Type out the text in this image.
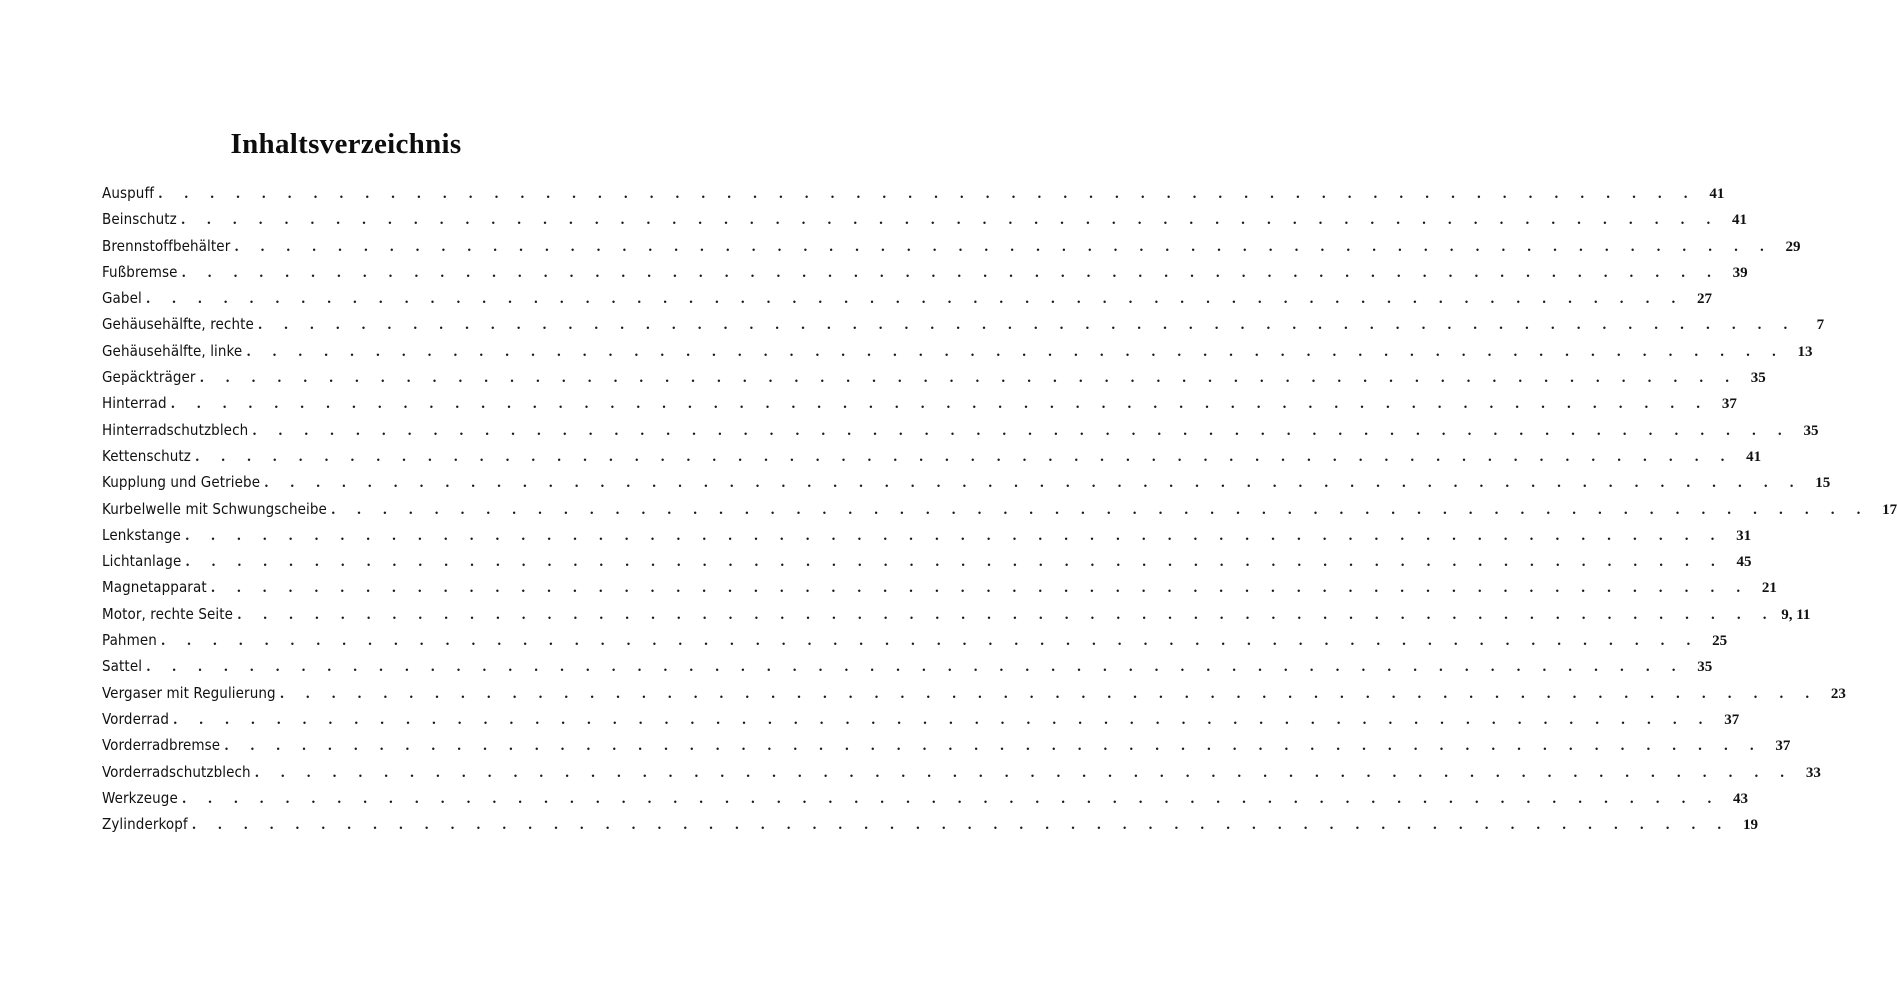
Inhaltsverzeichnis
Auspuff . . . . . . . . . . . . . . . . . . . . . . . . . . . . . . . . . . . . . . . . . . . . . . . . . . . . . . . . . . . . 41
Beinschutz . . . . . . . . . . . . . . . . . . . . . . . . . . . . . . . . . . . . . . . . . . . . . . . . . . . . . . . . . . . . 41
Brennstoffbehälter . . . . . . . . . . . . . . . . . . . . . . . . . . . . . . . . . . . . . . . . . . . . . . . . . . . . . . . . . . . . 29
Fußbremse . . . . . . . . . . . . . . . . . . . . . . . . . . . . . . . . . . . . . . . . . . . . . . . . . . . . . . . . . . . . 39
Gabel . . . . . . . . . . . . . . . . . . . . . . . . . . . . . . . . . . . . . . . . . . . . . . . . . . . . . . . . . . . . 27
Gehäusehälfte, rechte . . . . . . . . . . . . . . . . . . . . . . . . . . . . . . . . . . . . . . . . . . . . . . . . . . . . . . . . . . . .	7
Gehäusehälfte, linke . . . . . . . . . . . . . . . . . . . . . . . . . . . . . . . . . . . . . . . . . . . . . . . . . . . . . . . . . . . . 13
Gepäckträger . . . . . . . . . . . . . . . . . . . . . . . . . . . . . . . . . . . . . . . . . . . . . . . . . . . . . . . . . . . . 35
Hinterrad . . . . . . . . . . . . . . . . . . . . . . . . . . . . . . . . . . . . . . . . . . . . . . . . . . . . . . . . . . . . 37
Hinterradschutzblech . . . . . . . . . . . . . . . . . . . . . . . . . . . . . . . . . . . . . . . . . . . . . . . . . . . . . . . . . . . . 35
Kettenschutz . . . . . . . . . . . . . . . . . . . . . . . . . . . . . . . . . . . . . . . . . . . . . . . . . . . . . . . . . . . . 41
Kupplung und Getriebe . . . . . . . . . . . . . . . . . . . . . . . . . . . . . . . . . . . . . . . . . . . . . . . . . . . . . . . . . . . . 15
Kurbelwelle mit Schwungscheibe . . . . . . . . . . . . . . . . . . . . . . . . . . . . . . . . . . . . . . . . . . . . . . . . . . . . . . . . . . . . 17
Lenkstange . . . . . . . . . . . . . . . . . . . . . . . . . . . . . . . . . . . . . . . . . . . . . . . . . . . . . . . . . . . . 31
Lichtanlage . . . . . . . . . . . . . . . . . . . . . . . . . . . . . . . . . . . . . . . . . . . . . . . . . . . . . . . . . . . . 45
Magnetapparat . . . . . . . . . . . . . . . . . . . . . . . . . . . . . . . . . . . . . . . . . . . . . . . . . . . . . . . . . . . . 21
Motor, rechte Seite . . . . . . . . . . . . . . . . . . . . . . . . . . . . . . . . . . . . . . . . . . . . . . . . . . . . . . . . . . . . 9, 11
Pahmen . . . . . . . . . . . . . . . . . . . . . . . . . . . . . . . . . . . . . . . . . . . . . . . . . . . . . . . . . . . . 25
Sattel . . . . . . . . . . . . . . . . . . . . . . . . . . . . . . . . . . . . . . . . . . . . . . . . . . . . . . . . . . . . 35
Vergaser mit Regulierung . . . . . . . . . . . . . . . . . . . . . . . . . . . . . . . . . . . . . . . . . . . . . . . . . . . . . . . . . . . . 23
Vorderrad . . . . . . . . . . . . . . . . . . . . . . . . . . . . . . . . . . . . . . . . . . . . . . . . . . . . . . . . . . . . 37
Vorderradbremse . . . . . . . . . . . . . . . . . . . . . . . . . . . . . . . . . . . . . . . . . . . . . . . . . . . . . . . . . . . . 37
Vorderradschutzblech . . . . . . . . . . . . . . . . . . . . . . . . . . . . . . . . . . . . . . . . . . . . . . . . . . . . . . . . . . . . 33
Werkzeuge . . . . . . . . . . . . . . . . . . . . . . . . . . . . . . . . . . . . . . . . . . . . . . . . . . . . . . . . . . . . 43
Zylinderkopf . . . . . . . . . . . . . . . . . . . . . . . . . . . . . . . . . . . . . . . . . . . . . . . . . . . . . . . . . . . . 19
